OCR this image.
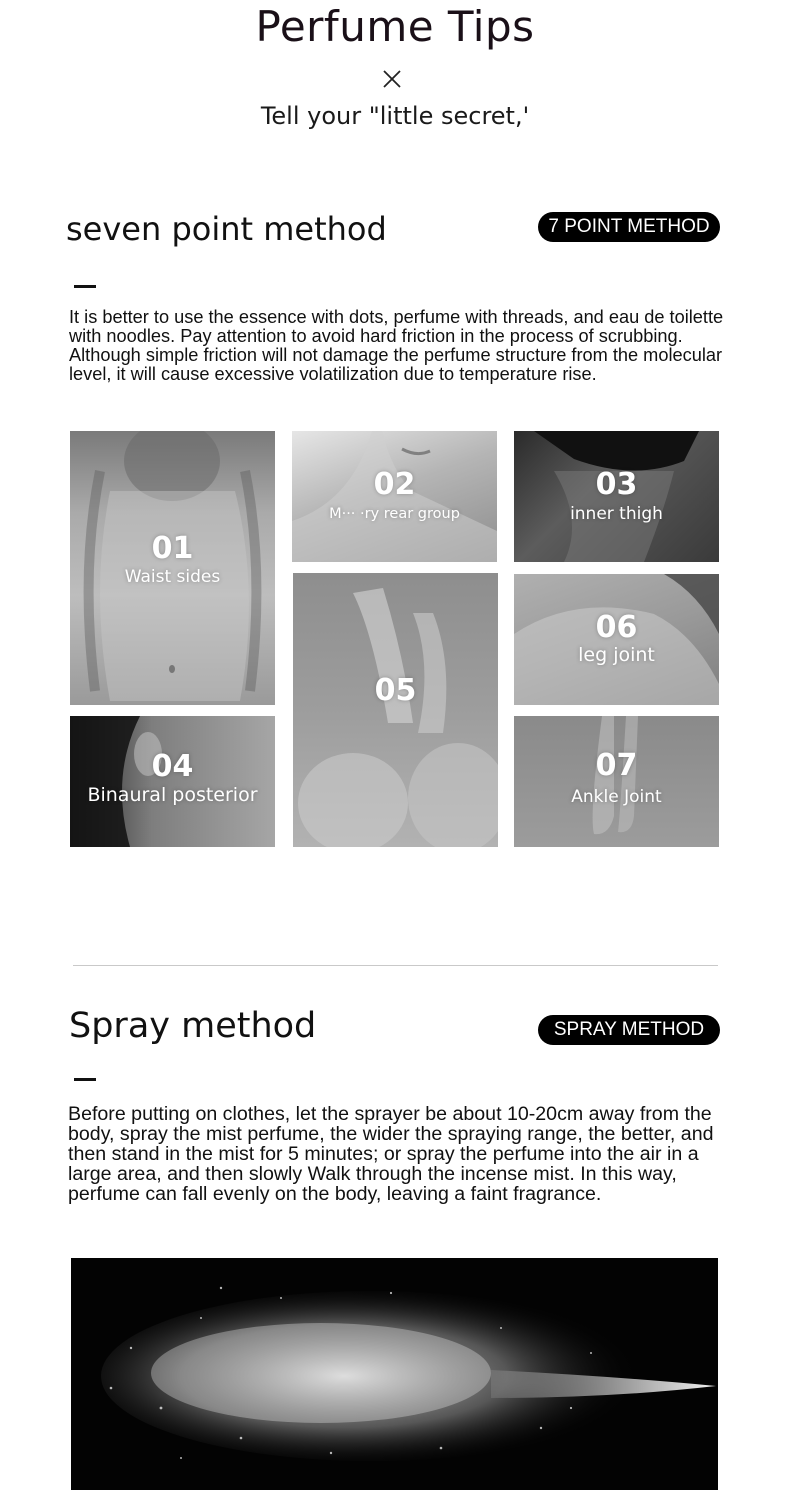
Perfume Tips
Tell your "little secret,'
seven point method	7 POINT METHOD
It is better to use the essence with dots, perfume with threads, and eau de toilette with noodles. Pay attention to avoid hard friction in the process of scrubbing. Although simple friction will not damage the perfume structure from the molecular level, it will cause excessive volatilization due to temperature rise.
01
Waist sides
02
M··· ·ry rear group
03
inner thigh
05
06
leg joint
04
Binaural posterior
07
Ankle Joint
Spray method	SPRAY METHOD
Before putting on clothes, let the sprayer be about 10-20cm away from the body, spray the mist perfume, the wider the spraying range, the better, and then stand in the mist for 5 minutes; or spray the perfume into the air in a large area, and then slowly Walk through the incense mist. In this way, perfume can fall evenly on the body, leaving a faint fragrance.
